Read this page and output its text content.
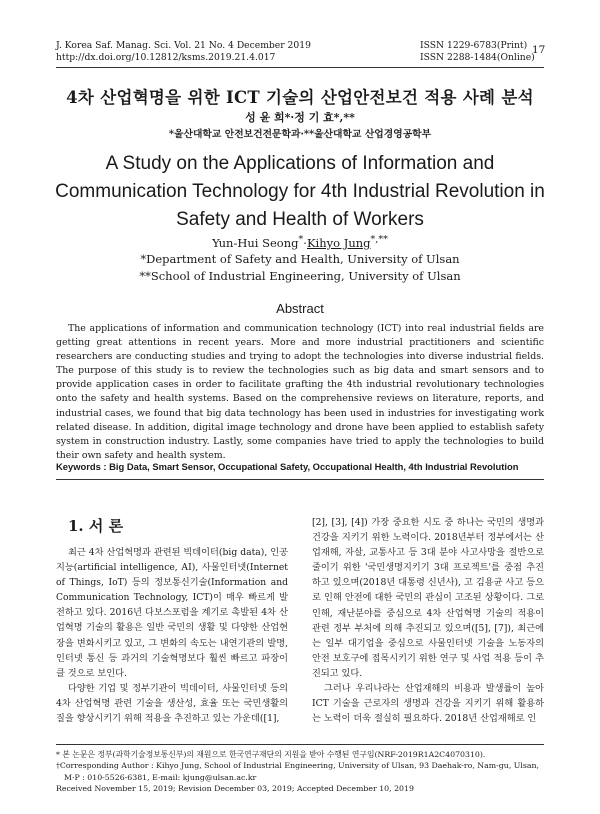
J. Korea Saf. Manag. Sci. Vol. 21 No. 4 December 2019
http://dx.doi.org/10.12812/ksms.2019.21.4.017
ISSN 1229-6783(Print)
ISSN 2288-1484(Online)
17
4차 산업혁명을 위한 ICT 기술의 산업안전보건 적용 사례 분석
성 윤 희*·정 기 효*,**
*울산대학교 안전보건전문학과·**울산대학교 산업경영공학부
A Study on the Applications of Information and Communication Technology for 4th Industrial Revolution in Safety and Health of Workers
Yun-Hui Seong*·Kihyo Jung*,**
*Department of Safety and Health, University of Ulsan
**School of Industrial Engineering, University of Ulsan
Abstract
The applications of information and communication technology (ICT) into real industrial fields are getting great attentions in recent years. More and more industrial practitioners and scientific researchers are conducting studies and trying to adopt the technologies into diverse industrial fields. The purpose of this study is to review the technologies such as big data and smart sensors and to provide application cases in order to facilitate grafting the 4th industrial revolutionary technologies onto the safety and health systems. Based on the comprehensive reviews on literature, reports, and industrial cases, we found that big data technology has been used in industries for investigating work related disease. In addition, digital image technology and drone have been applied to establish safety system in construction industry. Lastly, some companies have tried to apply the technologies to build their own safety and health system.
Keywords : Big Data, Smart Sensor, Occupational Safety, Occupational Health, 4th Industrial Revolution
1. 서 론

최근 4차 산업혁명과 관련된 빅데이터(big data), 인공지능(artificial intelligence, AI), 사물인터넷(Internet of Things, IoT) 등의 정보통신기술(Information and Communication Technology, ICT)이 매우 빠르게 발전하고 있다. 2016년 다보스포럼을 계기로 촉발된 4차 산업혁명 기술의 활용은 일반 국민의 생활 및 다양한 산업현장을 변화시키고 있고, 그 변화의 속도는 내연기관의 발명, 인터넷 통신 등 과거의 기술혁명보다 훨씬 빠르고 파장이 클 것으로 보인다.

다양한 기업 및 정부기관이 빅데이터, 사물인터넷 등의 4차 산업혁명 관련 기술을 생산성, 효율 또는 국민생활의 질을 향상시키기 위해 적용을 추진하고 있는 가운데([1],

[2], [3], [4]) 가장 중요한 시도 중 하나는 국민의 생명과 건강을 지키기 위한 노력이다. 2018년부터 정부에서는 산업재해, 자살, 교통사고 등 3대 분야 사고사망을 절반으로 줄이기 위한 '국민생명지키기 3대 프로젝트'를 중점 추진하고 있으며(2018년 대통령 신년사), 고 김용균 사고 등으로 인해 안전에 대한 국민의 관심이 고조된 상황이다. 그로 인해, 재난분야를 중심으로 4차 산업혁명 기술의 적용이 관련 정부 부처에 의해 추진되고 있으며([5], [7]), 최근에는 일부 대기업을 중심으로 사물인터넷 기술을 노동자의 안전 보호구에 접목시키기 위한 연구 및 사업 적용 등이 추진되고 있다.

그러나 우리나라는 산업재해의 비용과 발생률이 높아 ICT 기술을 근로자의 생명과 건강을 지키기 위해 활용하는 노력이 더욱 절실히 필요하다. 2018년 산업재해로 인

* 본 논문은 정부(과학기술정보통신부)의 재원으로 한국연구재단의 지원을 받아 수행된 연구임(NRF-2019R1A2C4070310).
†Corresponding Author : Kihyo Jung, School of Industrial Engineering, University of Ulsan, 93 Daehak-ro, Nam-gu, Ulsan,
M·P : 010-5526-6381, E-mail: kjung@ulsan.ac.kr
Received November 15, 2019; Revision December 03, 2019; Accepted December 10, 2019
